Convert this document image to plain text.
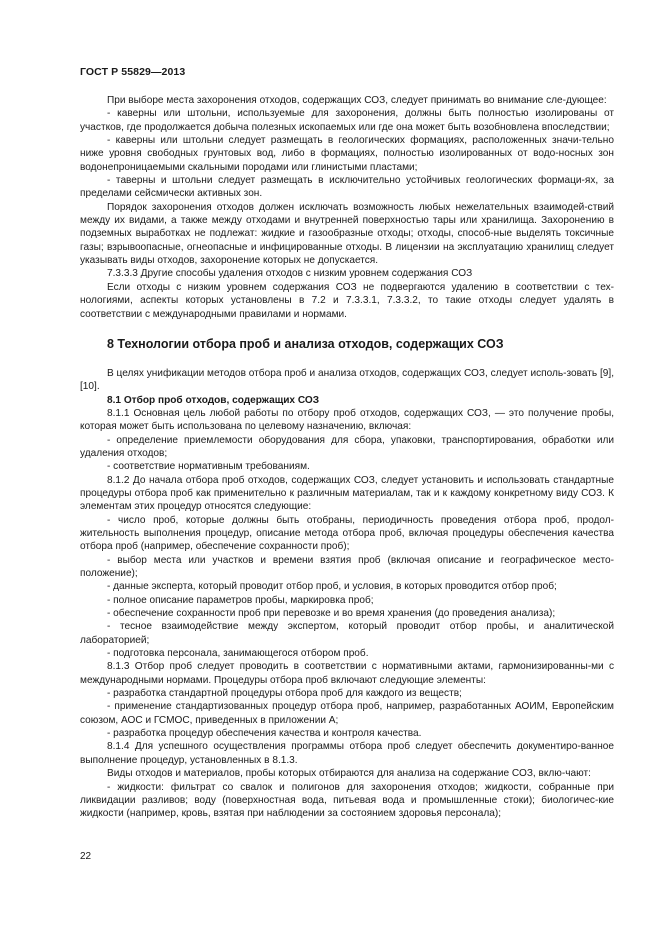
ГОСТ Р 55829—2013

При выборе места захоронения отходов, содержащих СОЗ, следует принимать во внимание сле-дующее:

- каверны или штольни, используемые для захоронения, должны быть полностью изолированы от участков, где продолжается добыча полезных ископаемых или где она может быть возобновлена впоследствии;

- каверны или штольни следует размещать в геологических формациях, расположенных значи-тельно ниже уровня свободных грунтовых вод, либо в формациях, полностью изолированных от водо-носных зон водонепроницаемыми скальными породами или глинистыми пластами;

- таверны и штольни следует размещать в исключительно устойчивых геологических формаци-ях, за пределами сейсмически активных зон.

Порядок захоронения отходов должен исключать возможность любых нежелательных взаимодей-ствий между их видами, а также между отходами и внутренней поверхностью тары или хранилища. Захоронению в подземных выработках не подлежат: жидкие и газообразные отходы; отходы, способ-ные выделять токсичные газы; взрывоопасные, огнеопасные и инфицированные отходы. В лицензии на эксплуатацию хранилищ следует указывать виды отходов, захоронение которых не допускается.

7.3.3.3 Другие способы удаления отходов с низким уровнем содержания СОЗ

Если отходы с низким уровнем содержания СОЗ не подвергаются удалению в соответствии с тех-нологиями, аспекты которых установлены в 7.2 и 7.3.3.1, 7.3.3.2, то такие отходы следует удалять в соответствии с международными правилами и нормами.

8 Технологии отбора проб и анализа отходов, содержащих СОЗ

В целях унификации методов отбора проб и анализа отходов, содержащих СОЗ, следует исполь-зовать [9], [10].

8.1 Отбор проб отходов, содержащих СОЗ

8.1.1 Основная цель любой работы по отбору проб отходов, содержащих СОЗ, — это получение пробы, которая может быть использована по целевому назначению, включая:

- определение приемлемости оборудования для сбора, упаковки, транспортирования, обработки или удаления отходов;

- соответствие нормативным требованиям.

8.1.2 До начала отбора проб отходов, содержащих СОЗ, следует установить и использовать стандартные процедуры отбора проб как применительно к различным материалам, так и к каждому конкретному виду СОЗ. К элементам этих процедур относятся следующие:

- число проб, которые должны быть отобраны, периодичность проведения отбора проб, продол-жительность выполнения процедур, описание метода отбора проб, включая процедуры обеспечения качества отбора проб (например, обеспечение сохранности проб);

- выбор места или участков и времени взятия проб (включая описание и географическое место-положение);

- данные эксперта, который проводит отбор проб, и условия, в которых проводится отбор проб;

- полное описание параметров пробы, маркировка проб;

- обеспечение сохранности проб при перевозке и во время хранения (до проведения анализа);

- тесное взаимодействие между экспертом, который проводит отбор пробы, и аналитической лабораторией;

- подготовка персонала, занимающегося отбором проб.

8.1.3 Отбор проб следует проводить в соответствии с нормативными актами, гармонизированны-ми с международными нормами. Процедуры отбора проб включают следующие элементы:

- разработка стандартной процедуры отбора проб для каждого из веществ;

- применение стандартизованных процедур отбора проб, например, разработанных АОИМ, Европейским союзом, АОС и ГСМОС, приведенных в приложении А;

- разработка процедур обеспечения качества и контроля качества.

8.1.4 Для успешного осуществления программы отбора проб следует обеспечить документиро-ванное выполнение процедур, установленных в 8.1.3.

Виды отходов и материалов, пробы которых отбираются для анализа на содержание СОЗ, вклю-чают:

- жидкости: фильтрат со свалок и полигонов для захоронения отходов; жидкости, собранные при ликвидации разливов; воду (поверхностная вода, питьевая вода и промышленные стоки); биологичес-кие жидкости (например, кровь, взятая при наблюдении за состоянием здоровья персонала);

22
